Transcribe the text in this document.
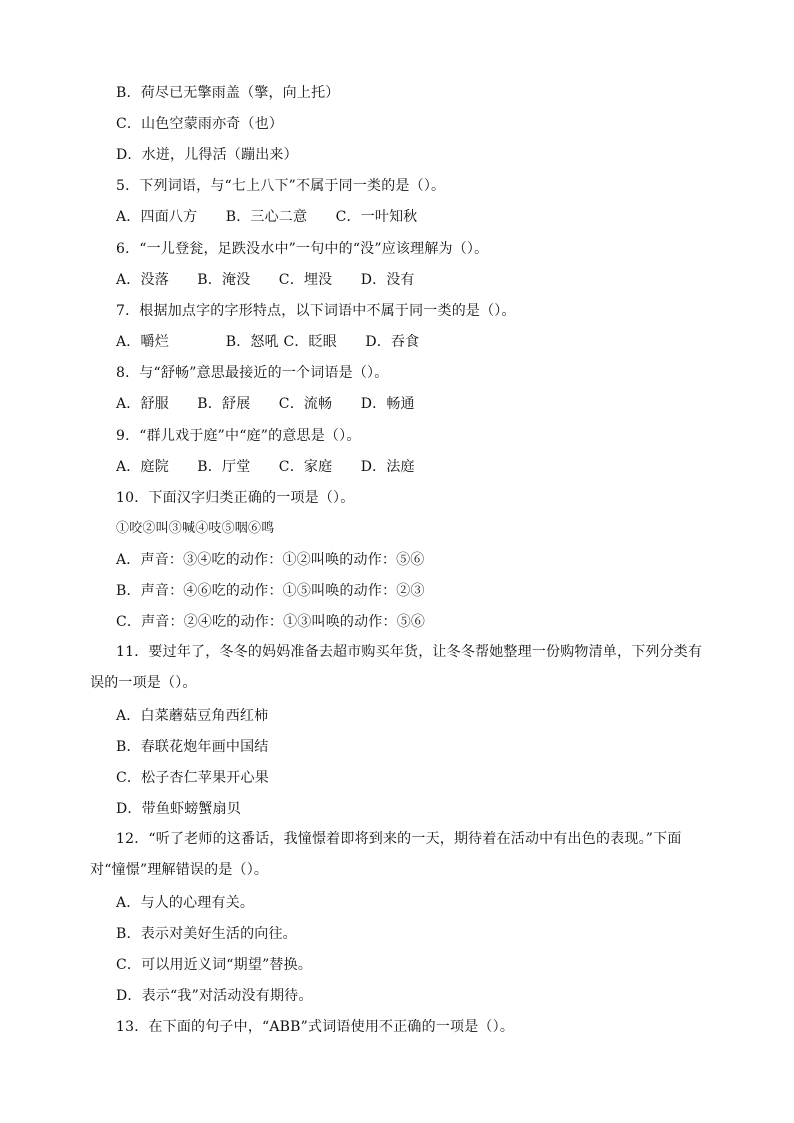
B．荷尽已无擎雨盖（擎，向上托）
C．山色空蒙雨亦奇（也）
D．水迸，儿得活（蹦出来）
5．下列词语，与“七上八下”不属于同一类的是（）。
A．四面八方　　B．三心二意　　C．一叶知秋
6．“一儿登瓮，足跌没水中”一句中的“没”应该理解为（）。
A．没落　　B．淹没　　C．埋没　　D．没有
7．根据加点字的字形特点，以下词语中不属于同一类的是（）。
A．嚼烂　　　　B．怒吼 C．眨眼　　D．吞食
8．与“舒畅”意思最接近的一个词语是（）。
A．舒服　　B．舒展　　C．流畅　　D．畅通
9．“群儿戏于庭”中“庭”的意思是（）。
A．庭院　　B．厅堂　　C．家庭　　D．法庭
10．下面汉字归类正确的一项是（）。
①咬②叫③喊④吱⑤咽⑥鸣
A．声音：③④吃的动作：①②叫唤的动作：⑤⑥
B．声音：④⑥吃的动作：①⑤叫唤的动作：②③
C．声音：②④吃的动作：①③叫唤的动作：⑤⑥
11．要过年了，冬冬的妈妈准备去超市购买年货，让冬冬帮她整理一份购物清单，下列分类有误的一项是（）。
A．白菜蘑菇豆角西红柿
B．春联花炮年画中国结
C．松子杏仁苹果开心果
D．带鱼虾螃蟹扇贝
12．“听了老师的这番话，我憧憬着即将到来的一天，期待着在活动中有出色的表现。”下面对“憧憬”理解错误的是（）。
A．与人的心理有关。
B．表示对美好生活的向往。
C．可以用近义词“期望”替换。
D．表示“我”对活动没有期待。
13．在下面的句子中，“ABB”式词语使用不正确的一项是（）。
